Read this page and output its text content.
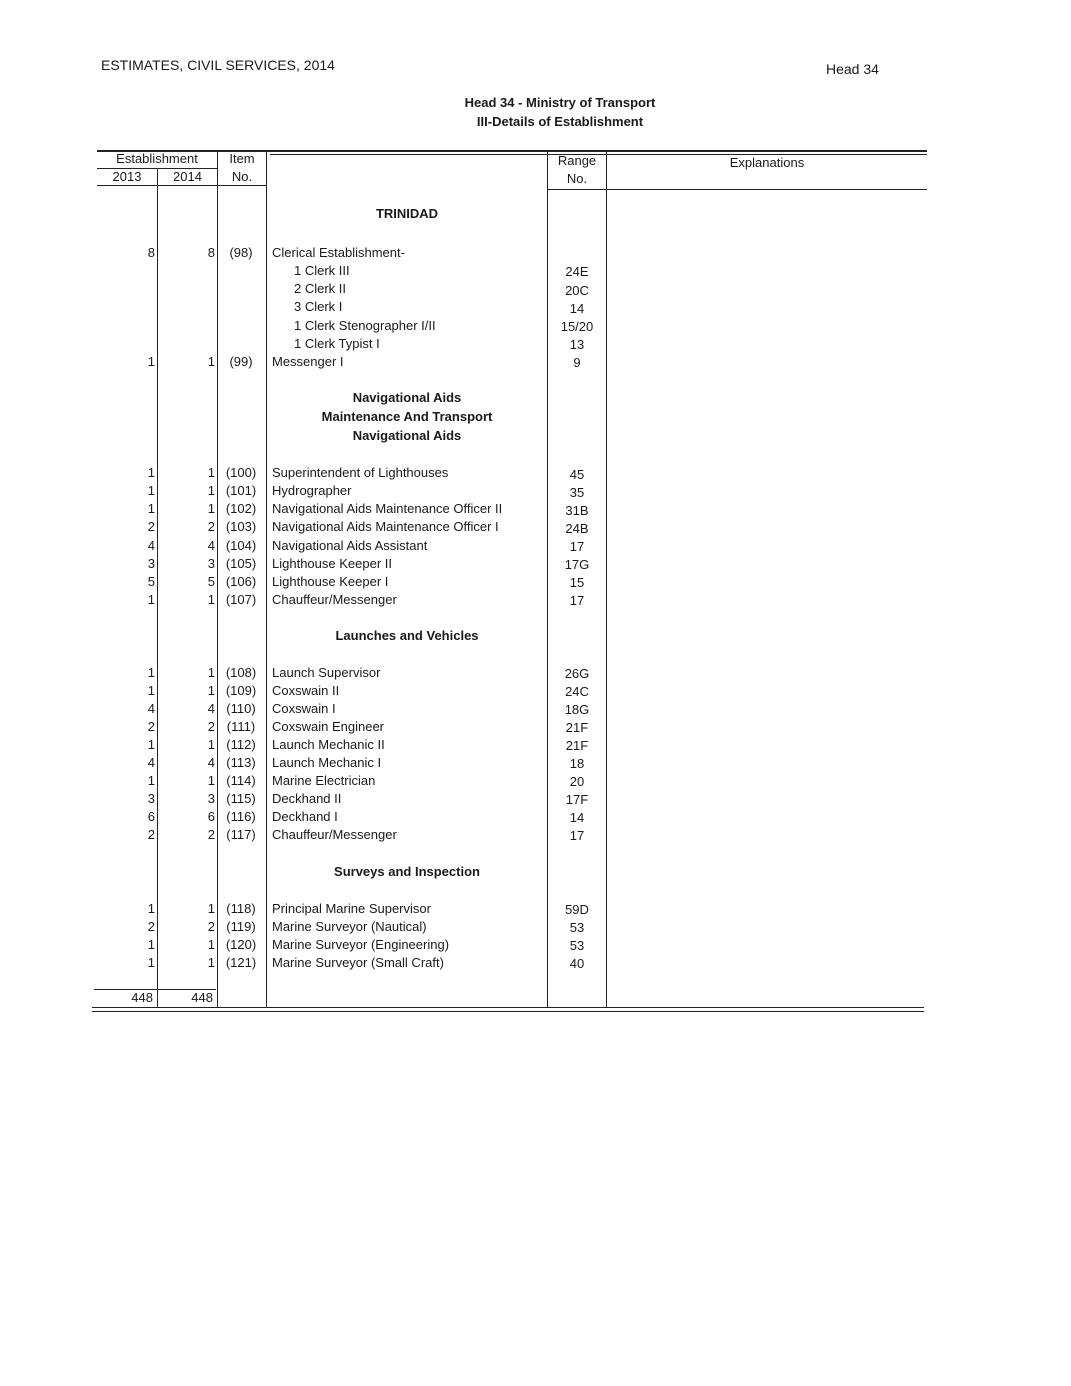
ESTIMATES, CIVIL SERVICES, 2014	Head 34
Head 34 - Ministry of Transport
III-Details of Establishment
Establishment
2013	2014
Item
No.
Range
No.
Explanations
TRINIDAD
Navigational Aids
Maintenance And Transport
Navigational Aids
Launches and Vehicles
Surveys and Inspection
8	8	(98)	Clerical Establishment-
1 Clerk III	24E
2 Clerk II	20C
3 Clerk I	14
1 Clerk Stenographer I/II	15/20
1 Clerk Typist I	13
1	1	(99)	Messenger I	9
1	1 (100)	Superintendent of Lighthouses	45
1	1 (101)	Hydrographer	35
1	1 (102)	Navigational Aids Maintenance Officer II	31B
2	2 (103)	Navigational Aids Maintenance Officer I	24B
4	4 (104)	Navigational Aids Assistant	17
3	3 (105)	Lighthouse Keeper II	17G
5	5 (106)	Lighthouse Keeper I	15
1	1 (107)	Chauffeur/Messenger	17
1	1 (108)	Launch Supervisor	26G
1	1 (109)	Coxswain II	24C
4	4 (110)	Coxswain I	18G
2	2 (111)	Coxswain Engineer	21F
1	1 (112)	Launch Mechanic II	21F
4	4 (113)	Launch Mechanic I	18
1	1 (114)	Marine Electrician	20
3	3 (115)	Deckhand II	17F
6	6 (116)	Deckhand I	14
2	2 (117)	Chauffeur/Messenger	17
1	1 (118)	Principal Marine Supervisor	59D
2	2 (119)	Marine Surveyor (Nautical)	53
1	1 (120)	Marine Surveyor (Engineering)	53
1	1 (121)	Marine Surveyor (Small Craft)	40
448	448
